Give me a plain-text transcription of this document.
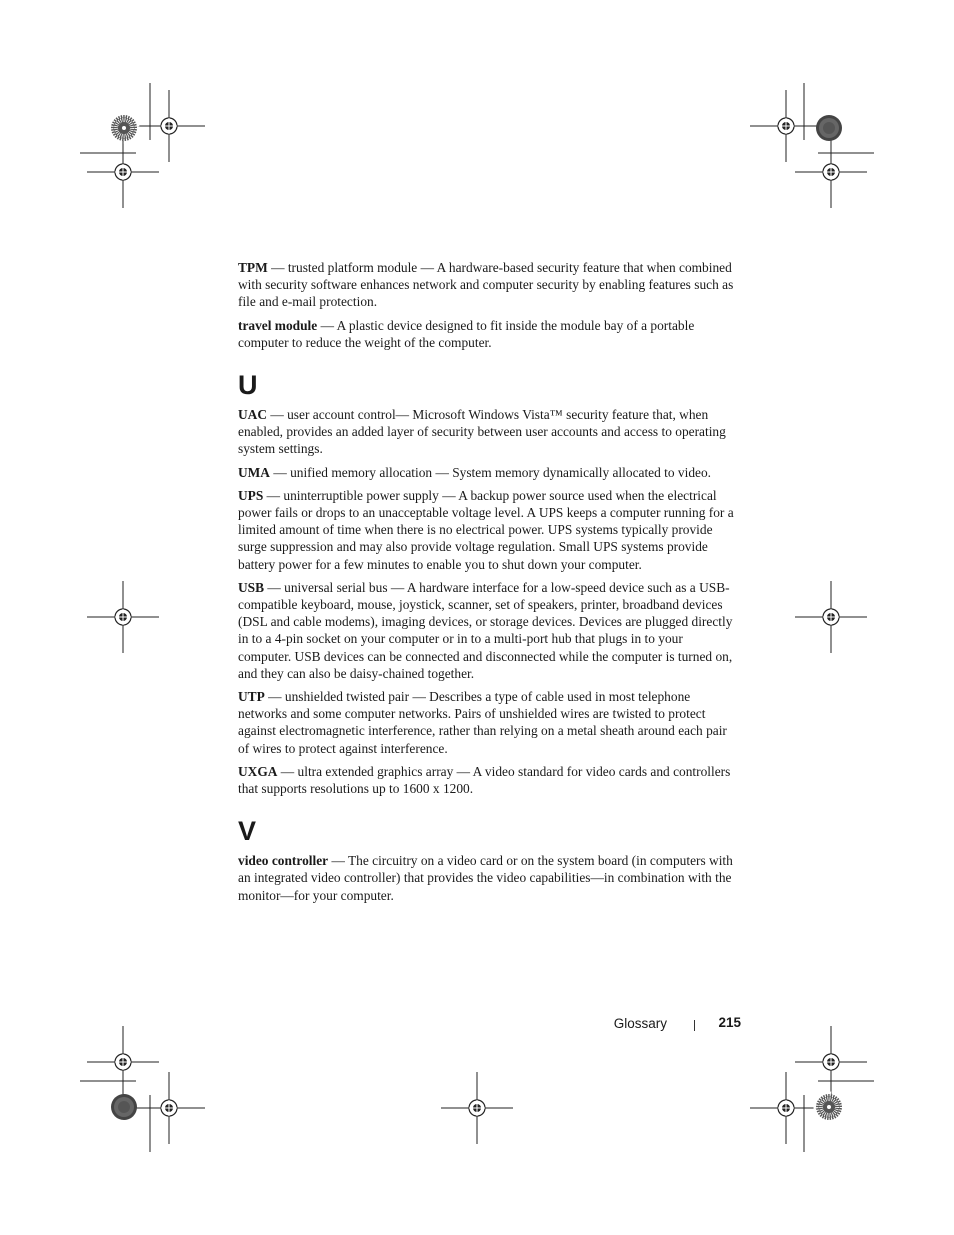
TPM — trusted platform module — A hardware-based security feature that when combined with security software enhances network and computer security by enabling features such as file and e-mail protection.

travel module — A plastic device designed to fit inside the module bay of a portable computer to reduce the weight of the computer.

U

UAC — user account control— Microsoft Windows Vista™ security feature that, when enabled, provides an added layer of security between user accounts and access to operating system settings.

UMA — unified memory allocation — System memory dynamically allocated to video.

UPS — uninterruptible power supply — A backup power source used when the electrical power fails or drops to an unacceptable voltage level. A UPS keeps a computer running for a limited amount of time when there is no electrical power. UPS systems typically provide surge suppression and may also provide voltage regulation. Small UPS systems provide battery power for a few minutes to enable you to shut down your computer.

USB — universal serial bus — A hardware interface for a low-speed device such as a USB-compatible keyboard, mouse, joystick, scanner, set of speakers, printer, broadband devices (DSL and cable modems), imaging devices, or storage devices. Devices are plugged directly in to a 4-pin socket on your computer or in to a multi-port hub that plugs in to your computer. USB devices can be connected and disconnected while the computer is turned on, and they can also be daisy-chained together.

UTP — unshielded twisted pair — Describes a type of cable used in most telephone networks and some computer networks. Pairs of unshielded wires are twisted to protect against electromagnetic interference, rather than relying on a metal sheath around each pair of wires to protect against interference.

UXGA — ultra extended graphics array — A video standard for video cards and controllers that supports resolutions up to 1600 x 1200.

V

video controller — The circuitry on a video card or on the system board (in computers with an integrated video controller) that provides the video capabilities—in combination with the monitor—for your computer.

Glossary	215
